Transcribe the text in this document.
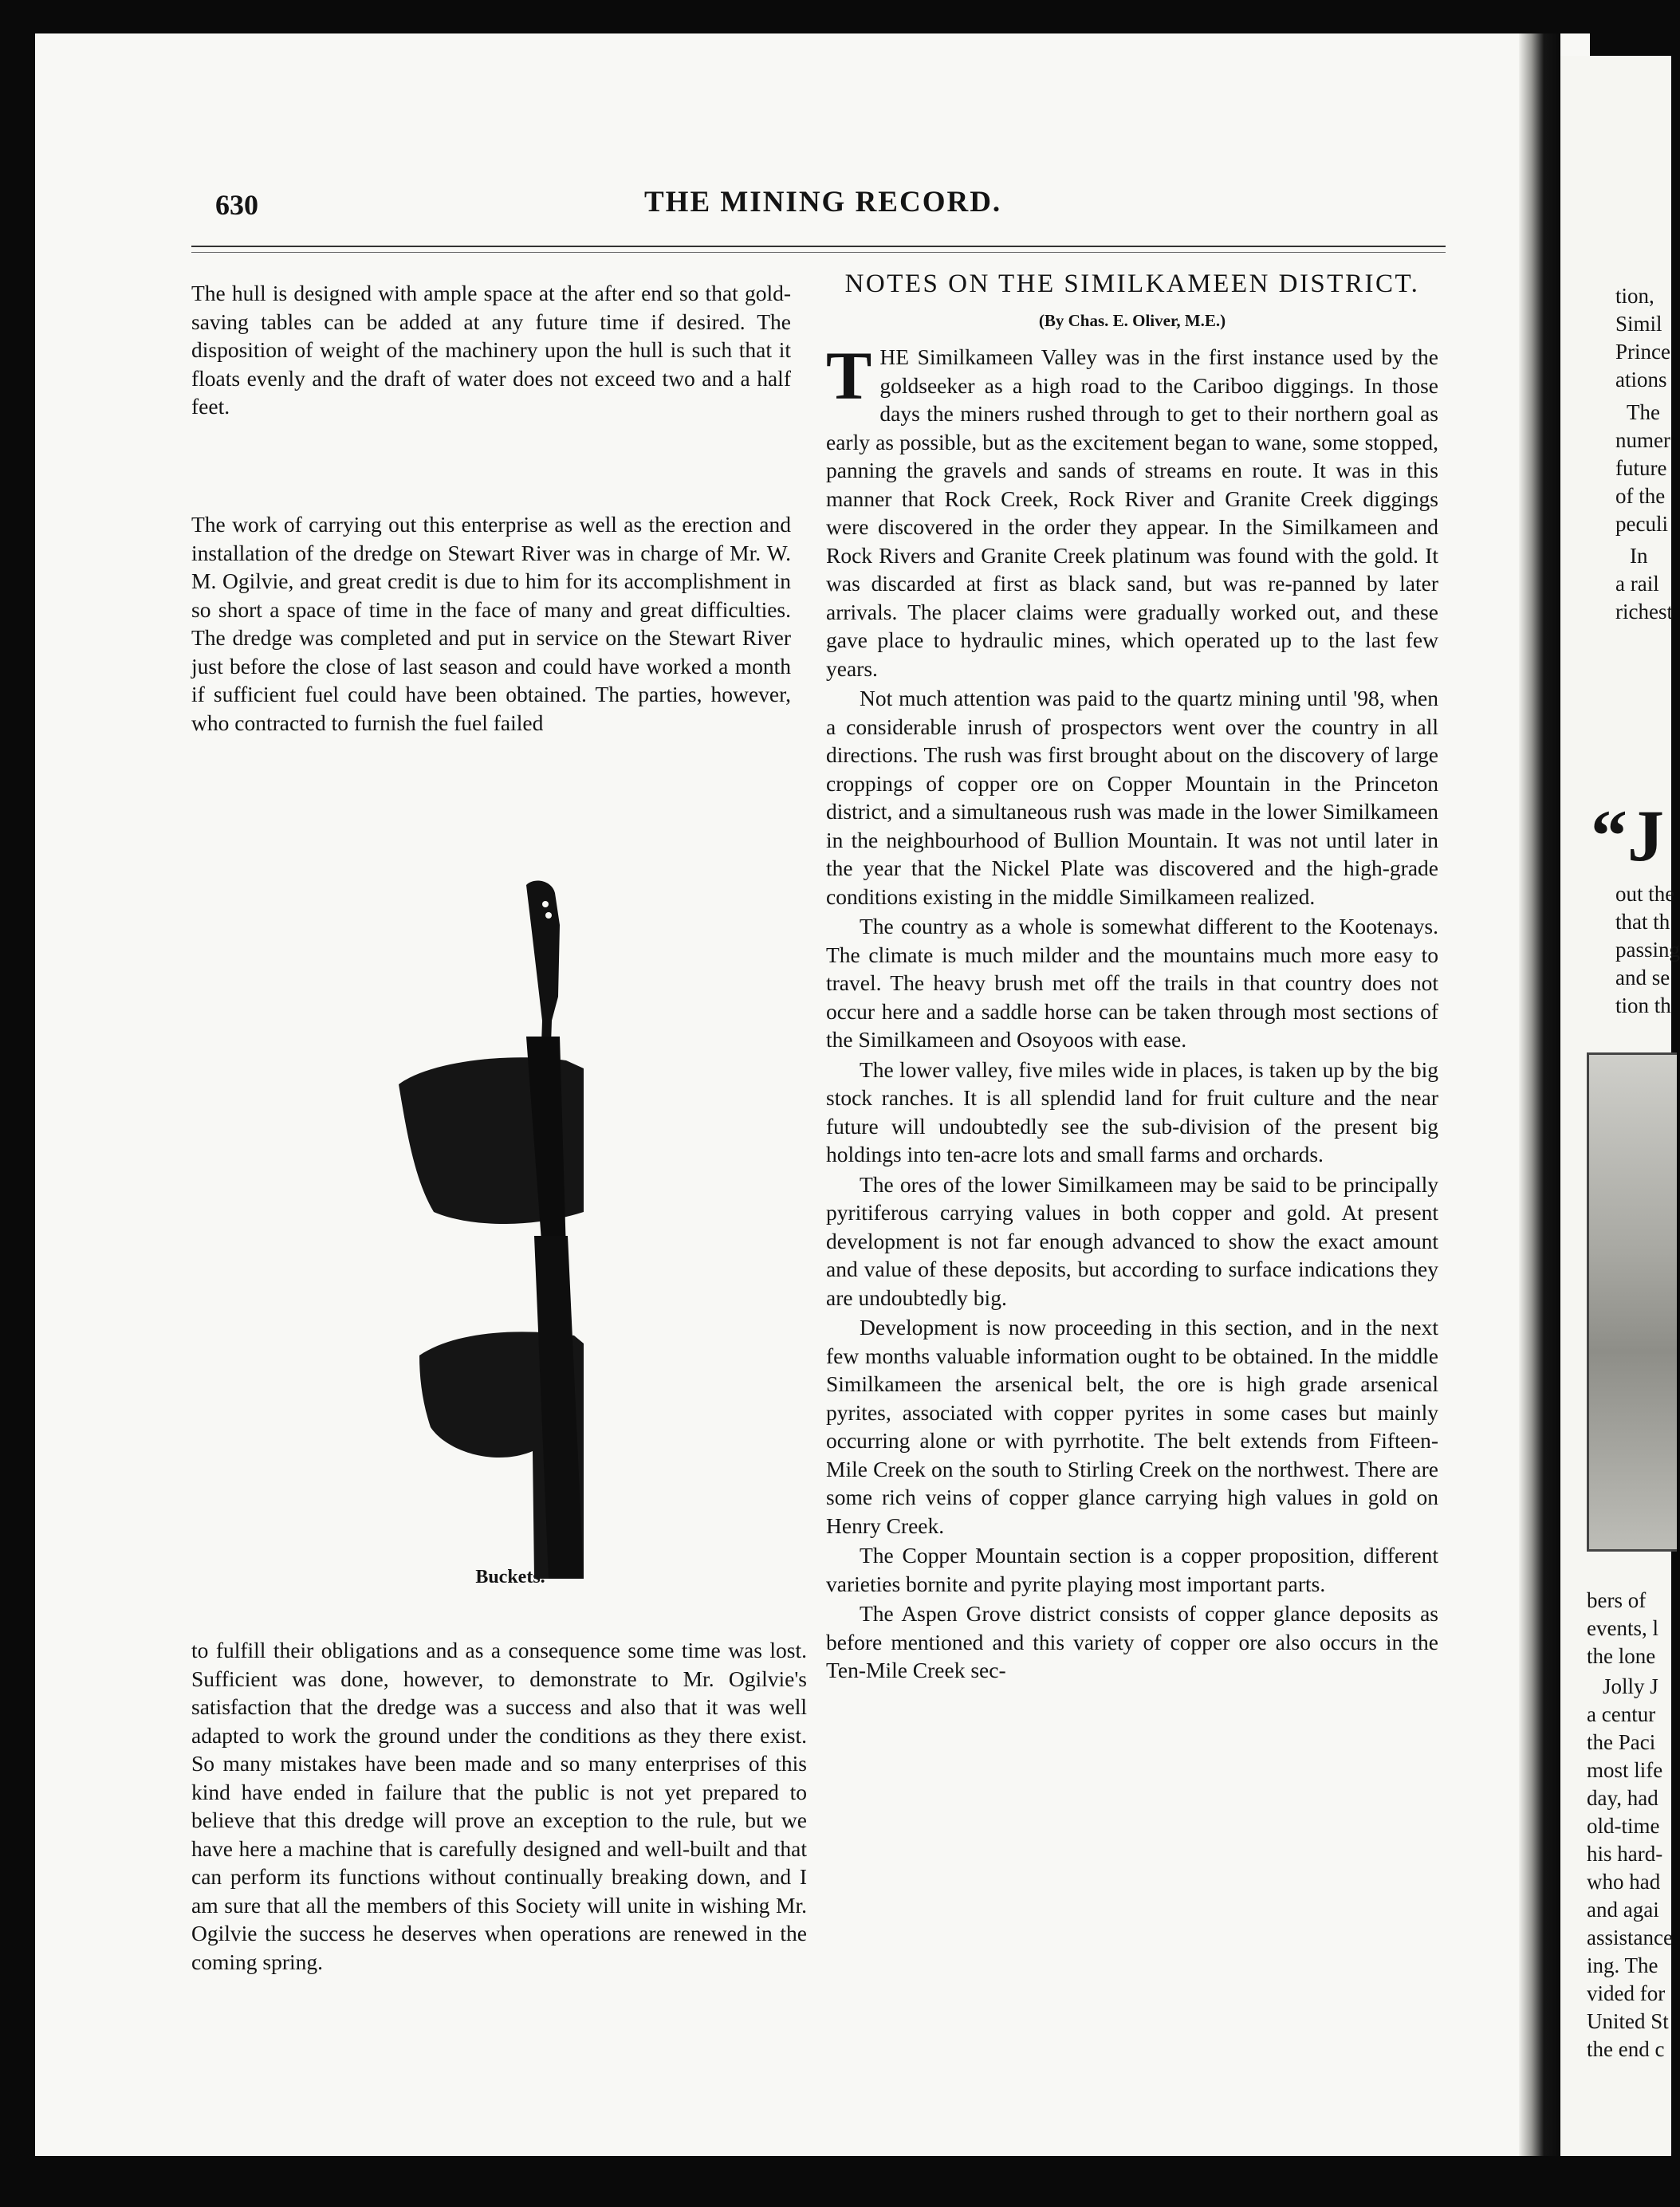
630	THE MINING RECORD.

The hull is designed with ample space at the after end so that gold-saving tables can be added at any future time if desired. The disposition of weight of the machinery upon the hull is such that it floats evenly and the draft of water does not exceed two and a half feet.

The work of carrying out this enterprise as well as the erection and installation of the dredge on Stewart River was in charge of Mr. W. M. Ogilvie, and great credit is due to him for its accomplishment in so short a space of time in the face of many and great difficulties. The dredge was completed and put in service on the Stewart River just before the close of last season and could have worked a month if sufficient fuel could have been obtained. The parties, however, who contracted to furnish the fuel failed

Buckets.

to fulfill their obligations and as a consequence some time was lost. Sufficient was done, however, to demonstrate to Mr. Ogilvie's satisfaction that the dredge was a success and also that it was well adapted to work the ground under the conditions as they there exist. So many mistakes have been made and so many enterprises of this kind have ended in failure that the public is not yet prepared to believe that this dredge will prove an exception to the rule, but we have here a machine that is carefully designed and well-built and that can perform its functions without continually breaking down, and I am sure that all the members of this Society will unite in wishing Mr. Ogilvie the success he deserves when operations are renewed in the coming spring.

NOTES ON THE SIMILKAMEEN DISTRICT.
(By Chas. E. Oliver, M.E.)

THE Similkameen Valley was in the first instance used by the goldseeker as a high road to the Cariboo diggings. In those days the miners rushed through to get to their northern goal as early as possible, but as the excitement began to wane, some stopped, panning the gravels and sands of streams en route. It was in this manner that Rock Creek, Rock River and Granite Creek diggings were discovered in the order they appear. In the Similkameen and Rock Rivers and Granite Creek platinum was found with the gold. It was discarded at first as black sand, but was re-panned by later arrivals. The placer claims were gradually worked out, and these gave place to hydraulic mines, which operated up to the last few years.

Not much attention was paid to the quartz mining until '98, when a considerable inrush of prospectors went over the country in all directions. The rush was first brought about on the discovery of large croppings of copper ore on Copper Mountain in the Princeton district, and a simultaneous rush was made in the lower Similkameen in the neighbourhood of Bullion Mountain. It was not until later in the year that the Nickel Plate was discovered and the high-grade conditions existing in the middle Similkameen realized.

The country as a whole is somewhat different to the Kootenays. The climate is much milder and the mountains much more easy to travel. The heavy brush met off the trails in that country does not occur here and a saddle horse can be taken through most sections of the Similkameen and Osoyoos with ease.

The lower valley, five miles wide in places, is taken up by the big stock ranches. It is all splendid land for fruit culture and the near future will undoubtedly see the sub-division of the present big holdings into ten-acre lots and small farms and orchards.

The ores of the lower Similkameen may be said to be principally pyritiferous carrying values in both copper and gold. At present development is not far enough advanced to show the exact amount and value of these deposits, but according to surface indications they are undoubtedly big.

Development is now proceeding in this section, and in the next few months valuable information ought to be obtained. In the middle Similkameen the arsenical belt, the ore is high grade arsenical pyrites, associated with copper pyrites in some cases but mainly occurring alone or with pyrrhotite. The belt extends from Fifteen-Mile Creek on the south to Stirling Creek on the northwest. There are some rich veins of copper glance carrying high values in gold on Henry Creek.

The Copper Mountain section is a copper proposition, different varieties bornite and pyrite playing most important parts.

The Aspen Grove district consists of copper glance deposits as before mentioned and this variety of copper ore also occurs in the Ten-Mile Creek sec-

tion,
Simil
Prince
ations
The
numer
future
of the
peculi
In
a rail
richest
“J
out the
that th
passing
and se
tion th
bers of
events, l
the lone
Jolly J
a centur
the Paci
most life
day, had
old-time
his hard-
who had
and agai
assistance
ing. The
vided for
United St
the end c
